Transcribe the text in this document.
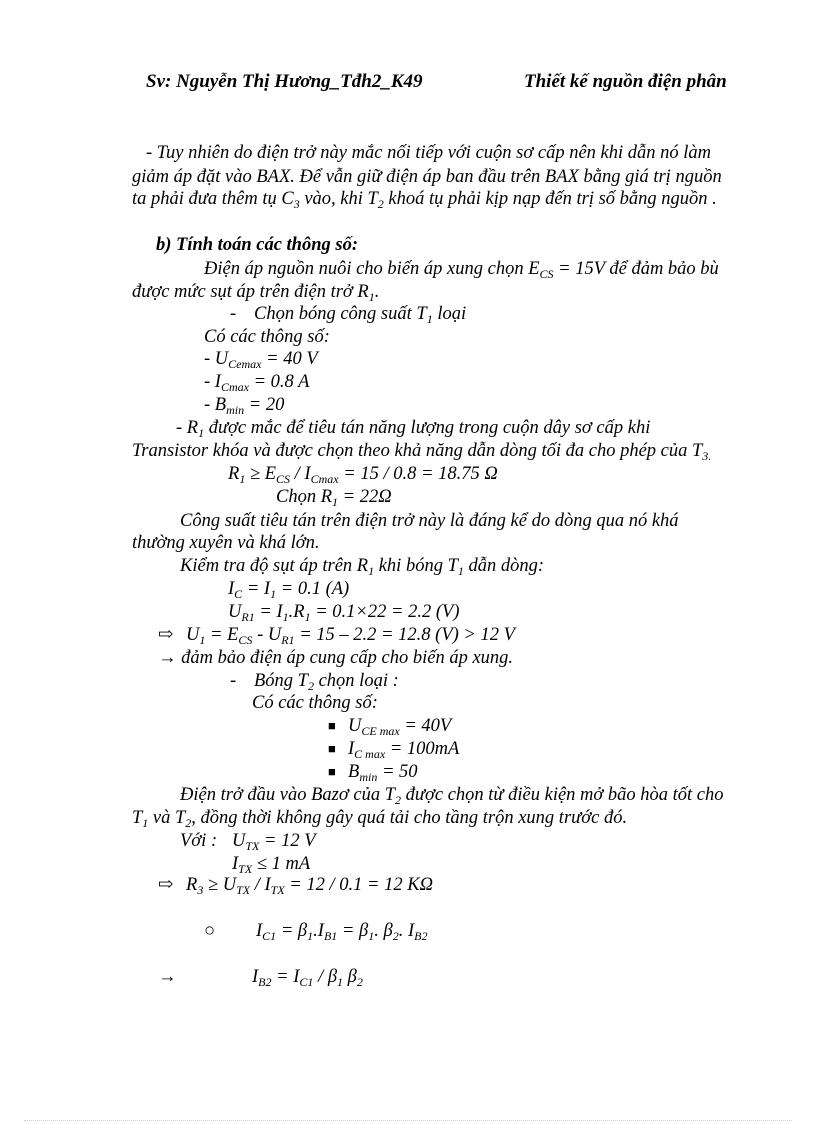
Sv: Nguyễn Thị Hương_Tđh2_K49	Thiết kế nguồn điện phân
- Tuy nhiên do điện trở này mắc nối tiếp với cuộn sơ cấp nên khi dẫn nó làm
giảm áp đặt vào BAX. Để vẫn giữ điện áp ban đầu trên BAX bằng giá trị nguồn
ta phải đưa thêm tụ $C_3$ vào, khi $T_2$ khoá tụ phải kịp nạp đến trị số bằng nguồn .
b) Tính toán các thông số:
Điện áp nguồn nuôi cho biến áp xung chọn $E_{CS} = 15V$ để đảm bảo bù
được mức sụt áp trên điện trở $R_1$.
- Chọn bóng công suất $T_1$ loại
Có các thông số:
- $U_{Cemax} = 40$ V
- $I_{Cmax} = 0.8$ A
- $B_{min} = 20$
- $R_1$ được mắc để tiêu tán năng lượng trong cuộn dây sơ cấp khi
Transistor khóa và được chọn theo khả năng dẫn dòng tối đa cho phép của $T_{3.}$
$R_1 \ge E_{CS} / I_{Cmax} = 15 / 0.8 = 18.75$ Ω
Chọn $R_1 = 22\Omega$
Công suất tiêu tán trên điện trở này là đáng kể do dòng qua nó khá
thường xuyên và khá lớn.
Kiểm tra độ sụt áp trên $R_1$ khi bóng $T_1$ dẫn dòng:
$I_C = I_1 = 0.1$ (A)
$U_{R1} = I_1.R_1 = 0.1\times 22 = 2.2$ (V)
⇨ $U_1 = E_{CS} - U_{R1} = 15 - 2.2 = 12.8$ (V) > 12 V
→ đảm bảo điện áp cung cấp cho biến áp xung.
- Bóng $T_2$ chọn loại :
Có các thông số:
■ $U_{CE max} = 40V$
■ $I_{C max} = 100mA$
■ $B_{min} = 50$
Điện trở đầu vào Bazơ của $T_2$ được chọn từ điều kiện mở bão hòa tốt cho
$T_1$ và $T_2$, đồng thời không gây quá tải cho tầng trộn xung trước đó.
Với : $U_{TX} = 12$ V
$I_{TX} \le 1$ mA
⇨ $R_3 \ge U_{TX} / I_{TX} = 12 / 0.1 = 12$ KΩ
○ $I_{C1} = \beta_1.I_{B1} = \beta_1$. $\beta_2$. $I_{B2}$
→	$I_{B2} = I_{C1} / \beta_1$ $\beta_2$
